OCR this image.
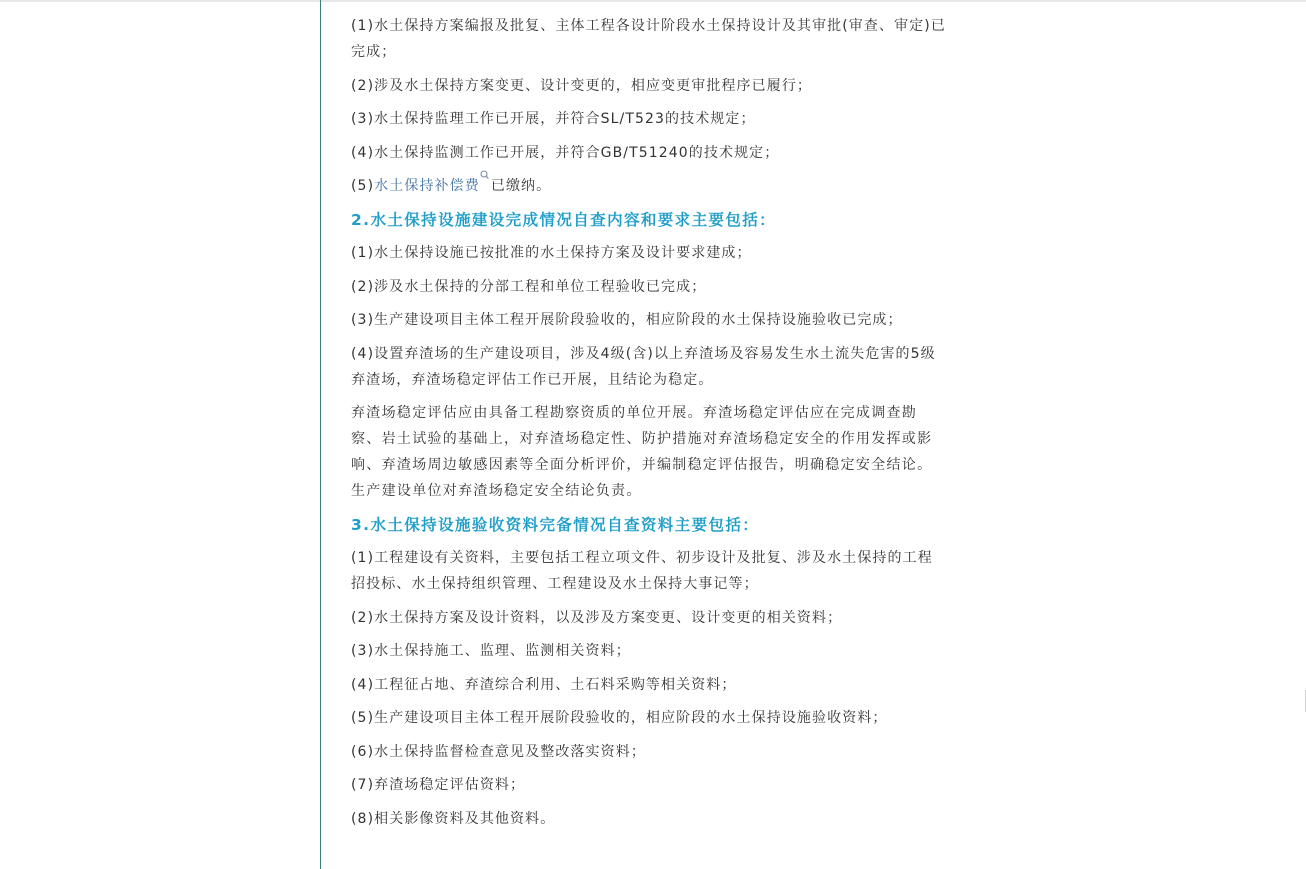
(1)水土保持方案编报及批复、主体工程各设计阶段水土保持设计及其审批(审查、审定)已完成；

(2)涉及水土保持方案变更、设计变更的，相应变更审批程序已履行；

(3)水土保持监理工作已开展，并符合SL/T523的技术规定；

(4)水土保持监测工作已开展，并符合GB/T51240的技术规定；

(5)水土保持补偿费 已缴纳。

2.水土保持设施建设完成情况自查内容和要求主要包括：

(1)水土保持设施已按批准的水土保持方案及设计要求建成；

(2)涉及水土保持的分部工程和单位工程验收已完成；

(3)生产建设项目主体工程开展阶段验收的，相应阶段的水土保持设施验收已完成；

(4)设置弃渣场的生产建设项目，涉及4级(含)以上弃渣场及容易发生水土流失危害的5级弃渣场，弃渣场稳定评估工作已开展，且结论为稳定。

弃渣场稳定评估应由具备工程勘察资质的单位开展。弃渣场稳定评估应在完成调查勘察、岩土试验的基础上，对弃渣场稳定性、防护措施对弃渣场稳定安全的作用发挥或影响、弃渣场周边敏感因素等全面分析评价，并编制稳定评估报告，明确稳定安全结论。生产建设单位对弃渣场稳定安全结论负责。

3.水土保持设施验收资料完备情况自查资料主要包括：

(1)工程建设有关资料，主要包括工程立项文件、初步设计及批复、涉及水土保持的工程招投标、水土保持组织管理、工程建设及水土保持大事记等；

(2)水土保持方案及设计资料，以及涉及方案变更、设计变更的相关资料；

(3)水土保持施工、监理、监测相关资料；

(4)工程征占地、弃渣综合利用、土石料采购等相关资料；

(5)生产建设项目主体工程开展阶段验收的，相应阶段的水土保持设施验收资料；

(6)水土保持监督检查意见及整改落实资料；

(7)弃渣场稳定评估资料；

(8)相关影像资料及其他资料。
